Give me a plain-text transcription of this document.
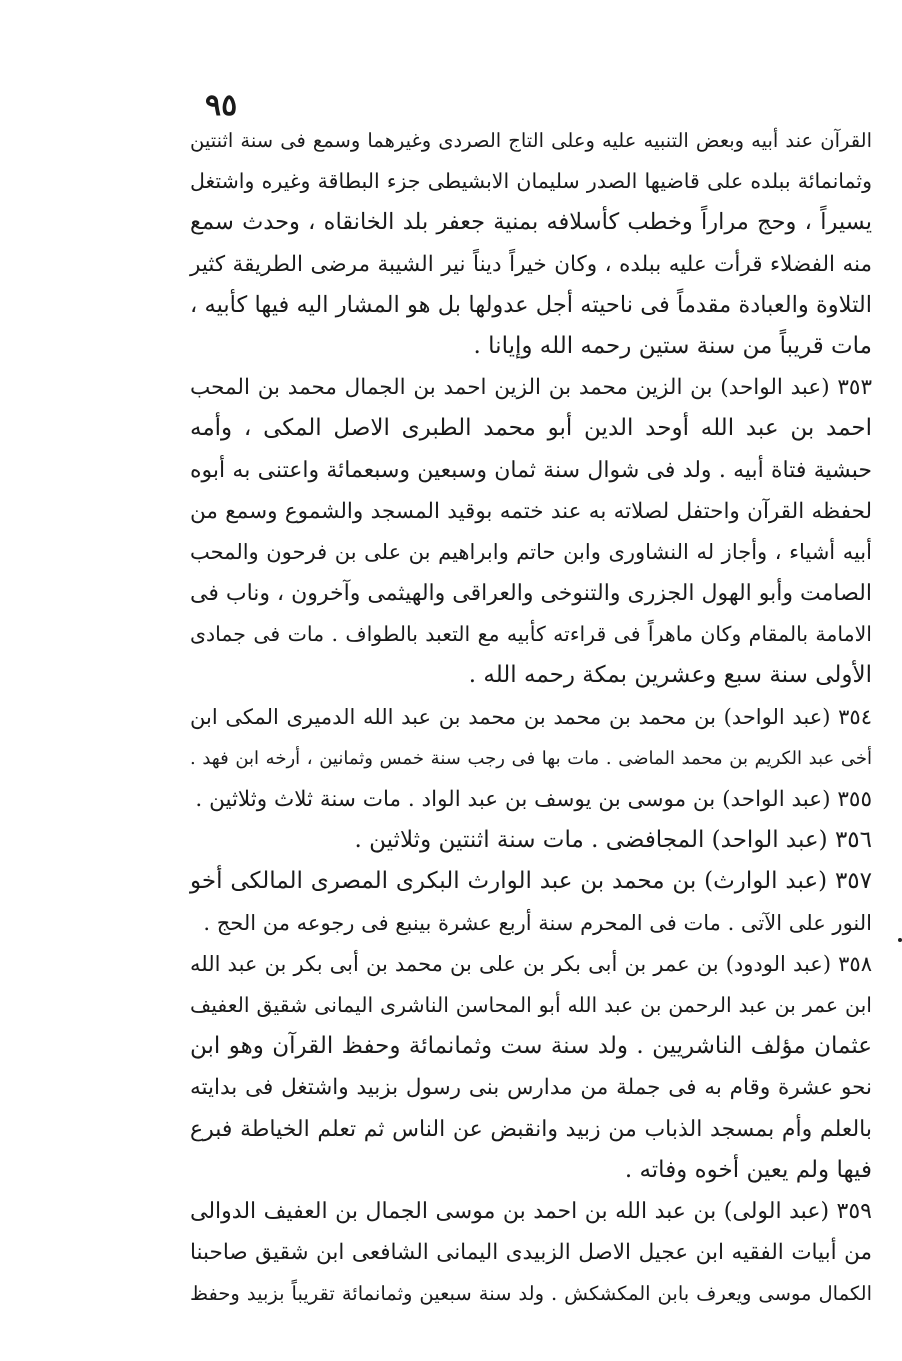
٩٥
القرآن عند أبيه وبعض التنبيه عليه وعلى التاج الصردى وغيرهما وسمع فى سنة اثنتين
وثمانمائة ببلده على قاضيها الصدر سليمان الابشيطى جزء البطاقة وغيره واشتغل
يسيراً ، وحج مراراً وخطب كأسلافه بمنية جعفر بلد الخانقاه ، وحدث سمع
منه الفضلاء قرأت عليه ببلده ، وكان خيراً ديناً نير الشيبة مرضى الطريقة كثير
التلاوة والعبادة مقدماً فى ناحيته أجل عدولها بل هو المشار اليه فيها كأبيه ،
مات قريباً من سنة ستين رحمه الله وإيانا .
٣٥٣ (عبد الواحد) بن الزين محمد بن الزين احمد بن الجمال محمد بن المحب
احمد بن عبد الله أوحد الدين أبو محمد الطبرى الاصل المكى ، وأمه
حبشية فتاة أبيه . ولد فى شوال سنة ثمان وسبعين وسبعمائة واعتنى به أبوه
لحفظه القرآن واحتفل لصلاته به عند ختمه بوقيد المسجد والشموع وسمع من
أبيه أشياء ، وأجاز له النشاورى وابن حاتم وابراهيم بن على بن فرحون والمحب
الصامت وأبو الهول الجزرى والتنوخى والعراقى والهيثمى وآخرون ، وناب فى
الامامة بالمقام وكان ماهراً فى قراءته كأبيه مع التعبد بالطواف . مات فى جمادى
الأولى سنة سبع وعشرين بمكة رحمه الله .
٣٥٤ (عبد الواحد) بن محمد بن محمد بن محمد بن عبد الله الدميرى المكى ابن
أخى عبد الكريم بن محمد الماضى . مات بها فى رجب سنة خمس وثمانين ، أرخه ابن فهد .
٣٥٥ (عبد الواحد) بن موسى بن يوسف بن عبد الواد . مات سنة ثلاث وثلاثين .
٣٥٦ (عبد الواحد) المجافضى . مات سنة اثنتين وثلاثين .
٣٥٧ (عبد الوارث) بن محمد بن عبد الوارث البكرى المصرى المالكى أخو
النور على الآتى . مات فى المحرم سنة أربع عشرة بينبع فى رجوعه من الحج .
٣٥٨ (عبد الودود) بن عمر بن أبى بكر بن على بن محمد بن أبى بكر بن عبد الله
ابن عمر بن عبد الرحمن بن عبد الله أبو المحاسن الناشرى اليمانى شقيق العفيف
عثمان مؤلف الناشريين . ولد سنة ست وثمانمائة وحفظ القرآن وهو ابن
نحو عشرة وقام به فى جملة من مدارس بنى رسول بزبيد واشتغل فى بدايته
بالعلم وأم بمسجد الذباب من زبيد وانقبض عن الناس ثم تعلم الخياطة فبرع
فيها ولم يعين أخوه وفاته .
٣٥٩ (عبد الولى) بن عبد الله بن احمد بن موسى الجمال بن العفيف الدوالى
من أبيات الفقيه ابن عجيل الاصل الزبيدى اليمانى الشافعى ابن شقيق صاحبنا
الكمال موسى ويعرف بابن المكشكش . ولد سنة سبعين وثمانمائة تقريباً بزبيد وحفظ
